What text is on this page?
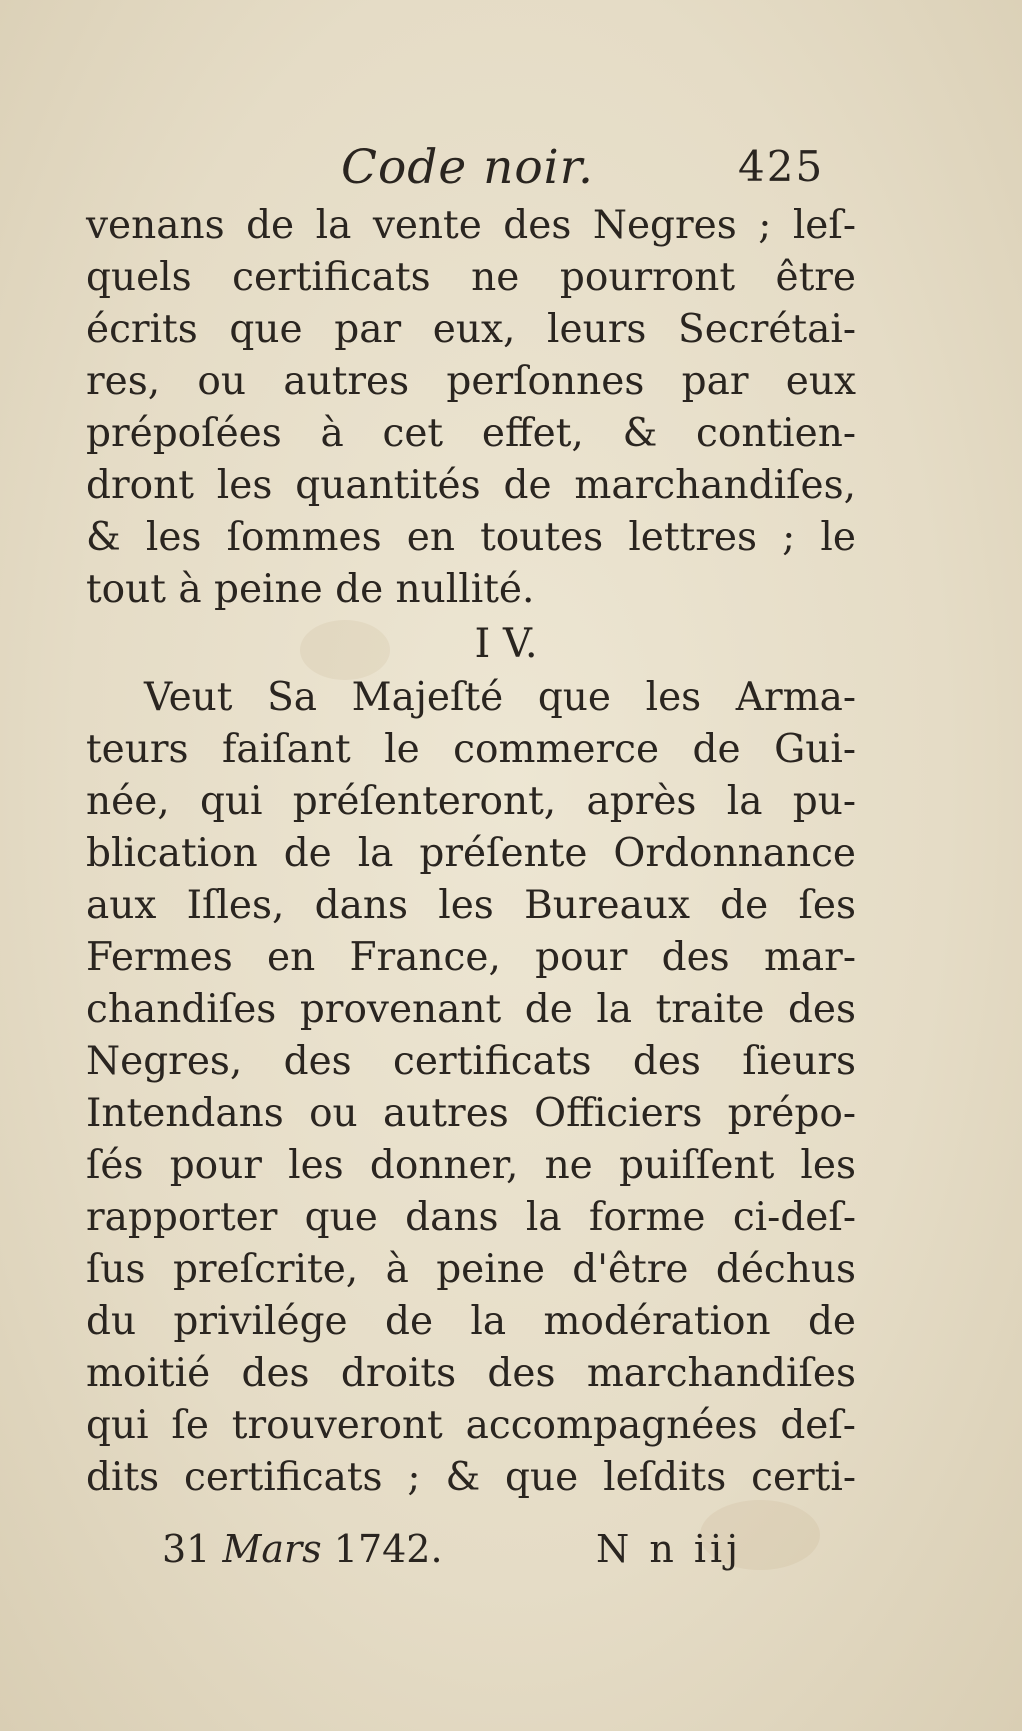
Code noir.	425
venans de la vente des Negres ; leſ-
quels certificats ne pourront être
écrits que par eux, leurs Secrétai-
res, ou autres perſonnes par eux
prépoſées à cet effet, & contien-
dront les quantités de marchandiſes,
& les ſommes en toutes lettres ; le
tout à peine de nullité.
I V.
Veut Sa Majeſté que les Arma-
teurs faiſant le commerce de Gui-
née, qui préſenteront, après la pu-
blication de la préſente Ordonnance
aux Iſles, dans les Bureaux de ſes
Fermes en France, pour des mar-
chandiſes provenant de la traite des
Negres, des certificats des ſieurs
Intendans ou autres Officiers prépo-
ſés pour les donner, ne puiſſent les
rapporter que dans la forme ci-deſ-
ſus preſcrite, à peine d'être déchus
du privilége de la modération de
moitié des droits des marchandiſes
qui ſe trouveront accompagnées deſ-
dits certificats ; & que leſdits certi-
31 Mars 1742.	N n iij
